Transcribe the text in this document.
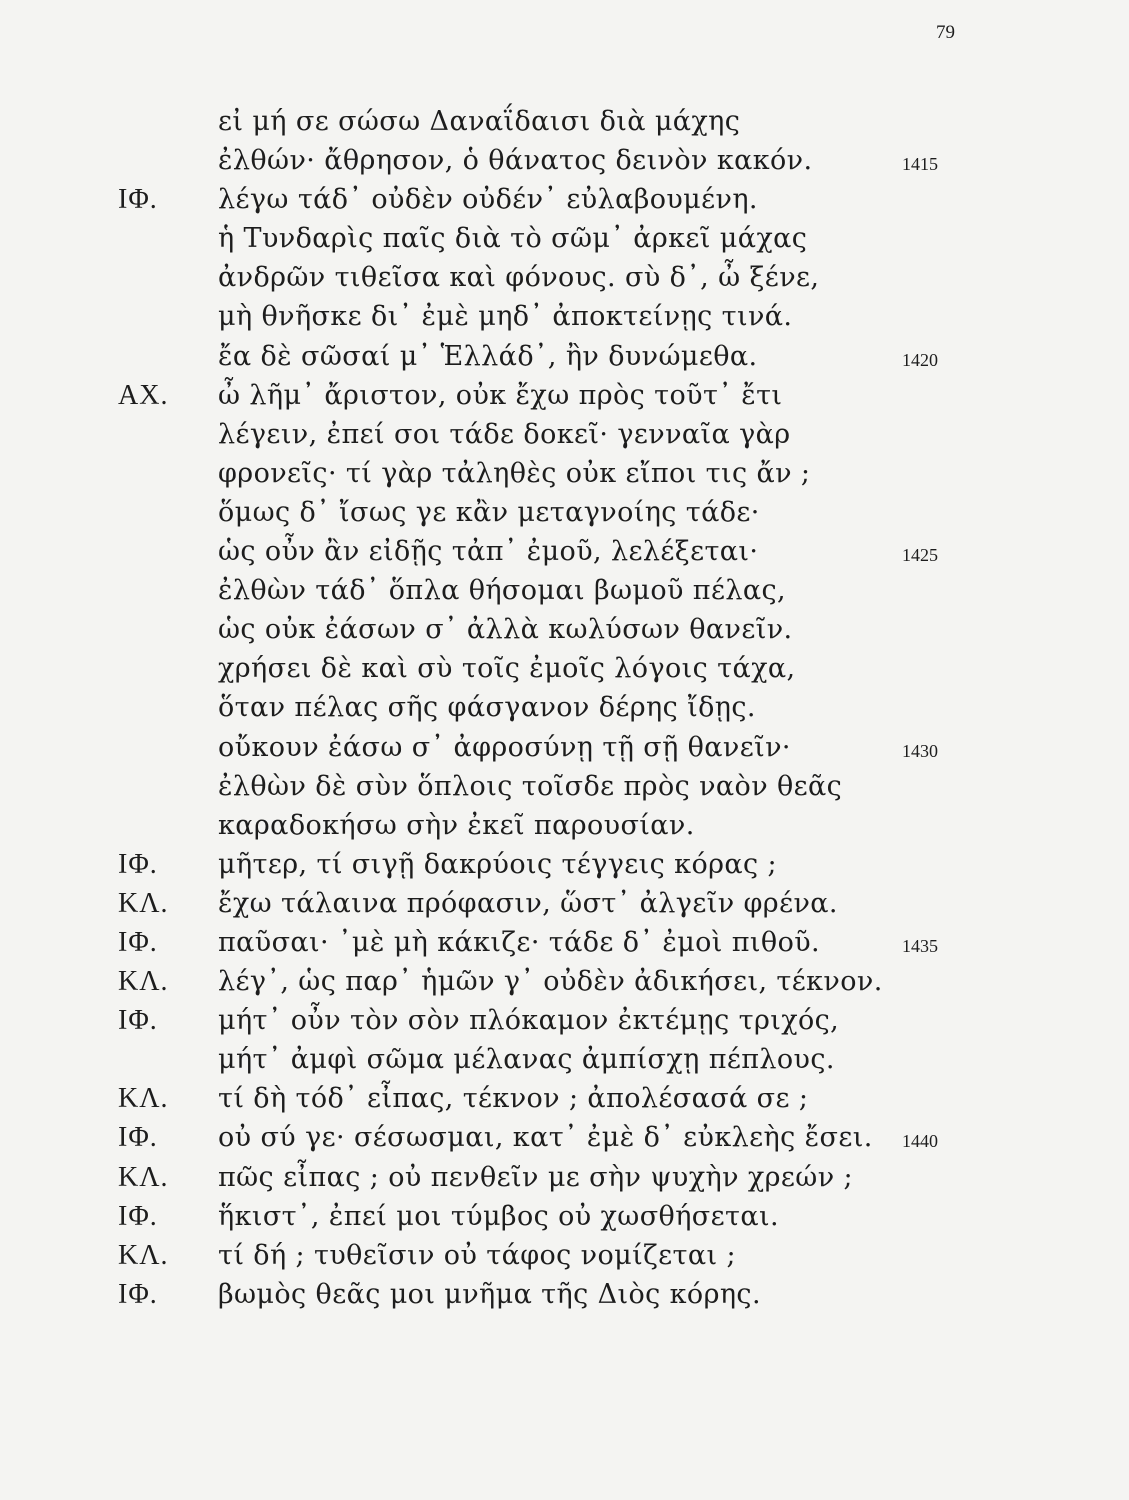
79
εἰ μή σε σώσω Δαναΐδαισι διὰ μάχης
ἐλθών· ἄθρησον, ὁ θάνατος δεινὸν κακόν.	1415
ΙΦ. λέγω τάδ᾽ οὐδὲν οὐδέν᾽ εὐλαβουμένη.
ἡ Τυνδαρὶς παῖς διὰ τὸ σῶμ᾽ ἀρκεῖ μάχας
ἀνδρῶν τιθεῖσα καὶ φόνους. σὺ δ᾽, ὦ ξένε,
μὴ θνῆσκε δι᾽ ἐμὲ μηδ᾽ ἀποκτείνῃς τινά.
ἔα δὲ σῶσαί μ᾽ Ἑλλάδ᾽, ἢν δυνώμεθα.	1420
ΑΧ. ὦ λῆμ᾽ ἄριστον, οὐκ ἔχω πρὸς τοῦτ᾽ ἔτι
λέγειν, ἐπεί σοι τάδε δοκεῖ· γενναῖα γὰρ
φρονεῖς· τί γὰρ τἀληθὲς οὐκ εἴποι τις ἄν ;
ὅμως δ᾽ ἴσως γε κἂν μεταγνοίης τάδε·
ὡς οὖν ἂν εἰδῇς τἀπ᾽ ἐμοῦ, λελέξεται·	1425
ἐλθὼν τάδ᾽ ὅπλα θήσομαι βωμοῦ πέλας,
ὡς οὐκ ἐάσων σ᾽ ἀλλὰ κωλύσων θανεῖν.
χρήσει δὲ καὶ σὺ τοῖς ἐμοῖς λόγοις τάχα,
ὅταν πέλας σῆς φάσγανον δέρης ἴδῃς.
οὔκουν ἐάσω σ᾽ ἀφροσύνῃ τῇ σῇ θανεῖν·	1430
ἐλθὼν δὲ σὺν ὅπλοις τοῖσδε πρὸς ναὸν θεᾶς
καραδοκήσω σὴν ἐκεῖ παρουσίαν.
ΙΦ. μῆτερ, τί σιγῇ δακρύοις τέγγεις κόρας ;
ΚΛ. ἔχω τάλαινα πρόφασιν, ὥστ᾽ ἀλγεῖν φρένα.
ΙΦ. παῦσαι· ᾽μὲ μὴ κάκιζε· τάδε δ᾽ ἐμοὶ πιθοῦ.	1435
ΚΛ. λέγ᾽, ὡς παρ᾽ ἡμῶν γ᾽ οὐδὲν ἀδικήσει, τέκνον.
ΙΦ. μήτ᾽ οὖν τὸν σὸν πλόκαμον ἐκτέμῃς τριχός,
μήτ᾽ ἀμφὶ σῶμα μέλανας ἀμπίσχῃ πέπλους.
ΚΛ. τί δὴ τόδ᾽ εἶπας, τέκνον ; ἀπολέσασά σε ;
ΙΦ. οὐ σύ γε· σέσωσμαι, κατ᾽ ἐμὲ δ᾽ εὐκλεὴς ἔσει. 1440
ΚΛ. πῶς εἶπας ; οὐ πενθεῖν με σὴν ψυχὴν χρεών ;
ΙΦ. ἥκιστ᾽, ἐπεί μοι τύμβος οὐ χωσθήσεται.
ΚΛ. τί δή ; τυθεῖσιν οὐ τάφος νομίζεται ;
ΙΦ. βωμὸς θεᾶς μοι μνῆμα τῆς Διὸς κόρης.
